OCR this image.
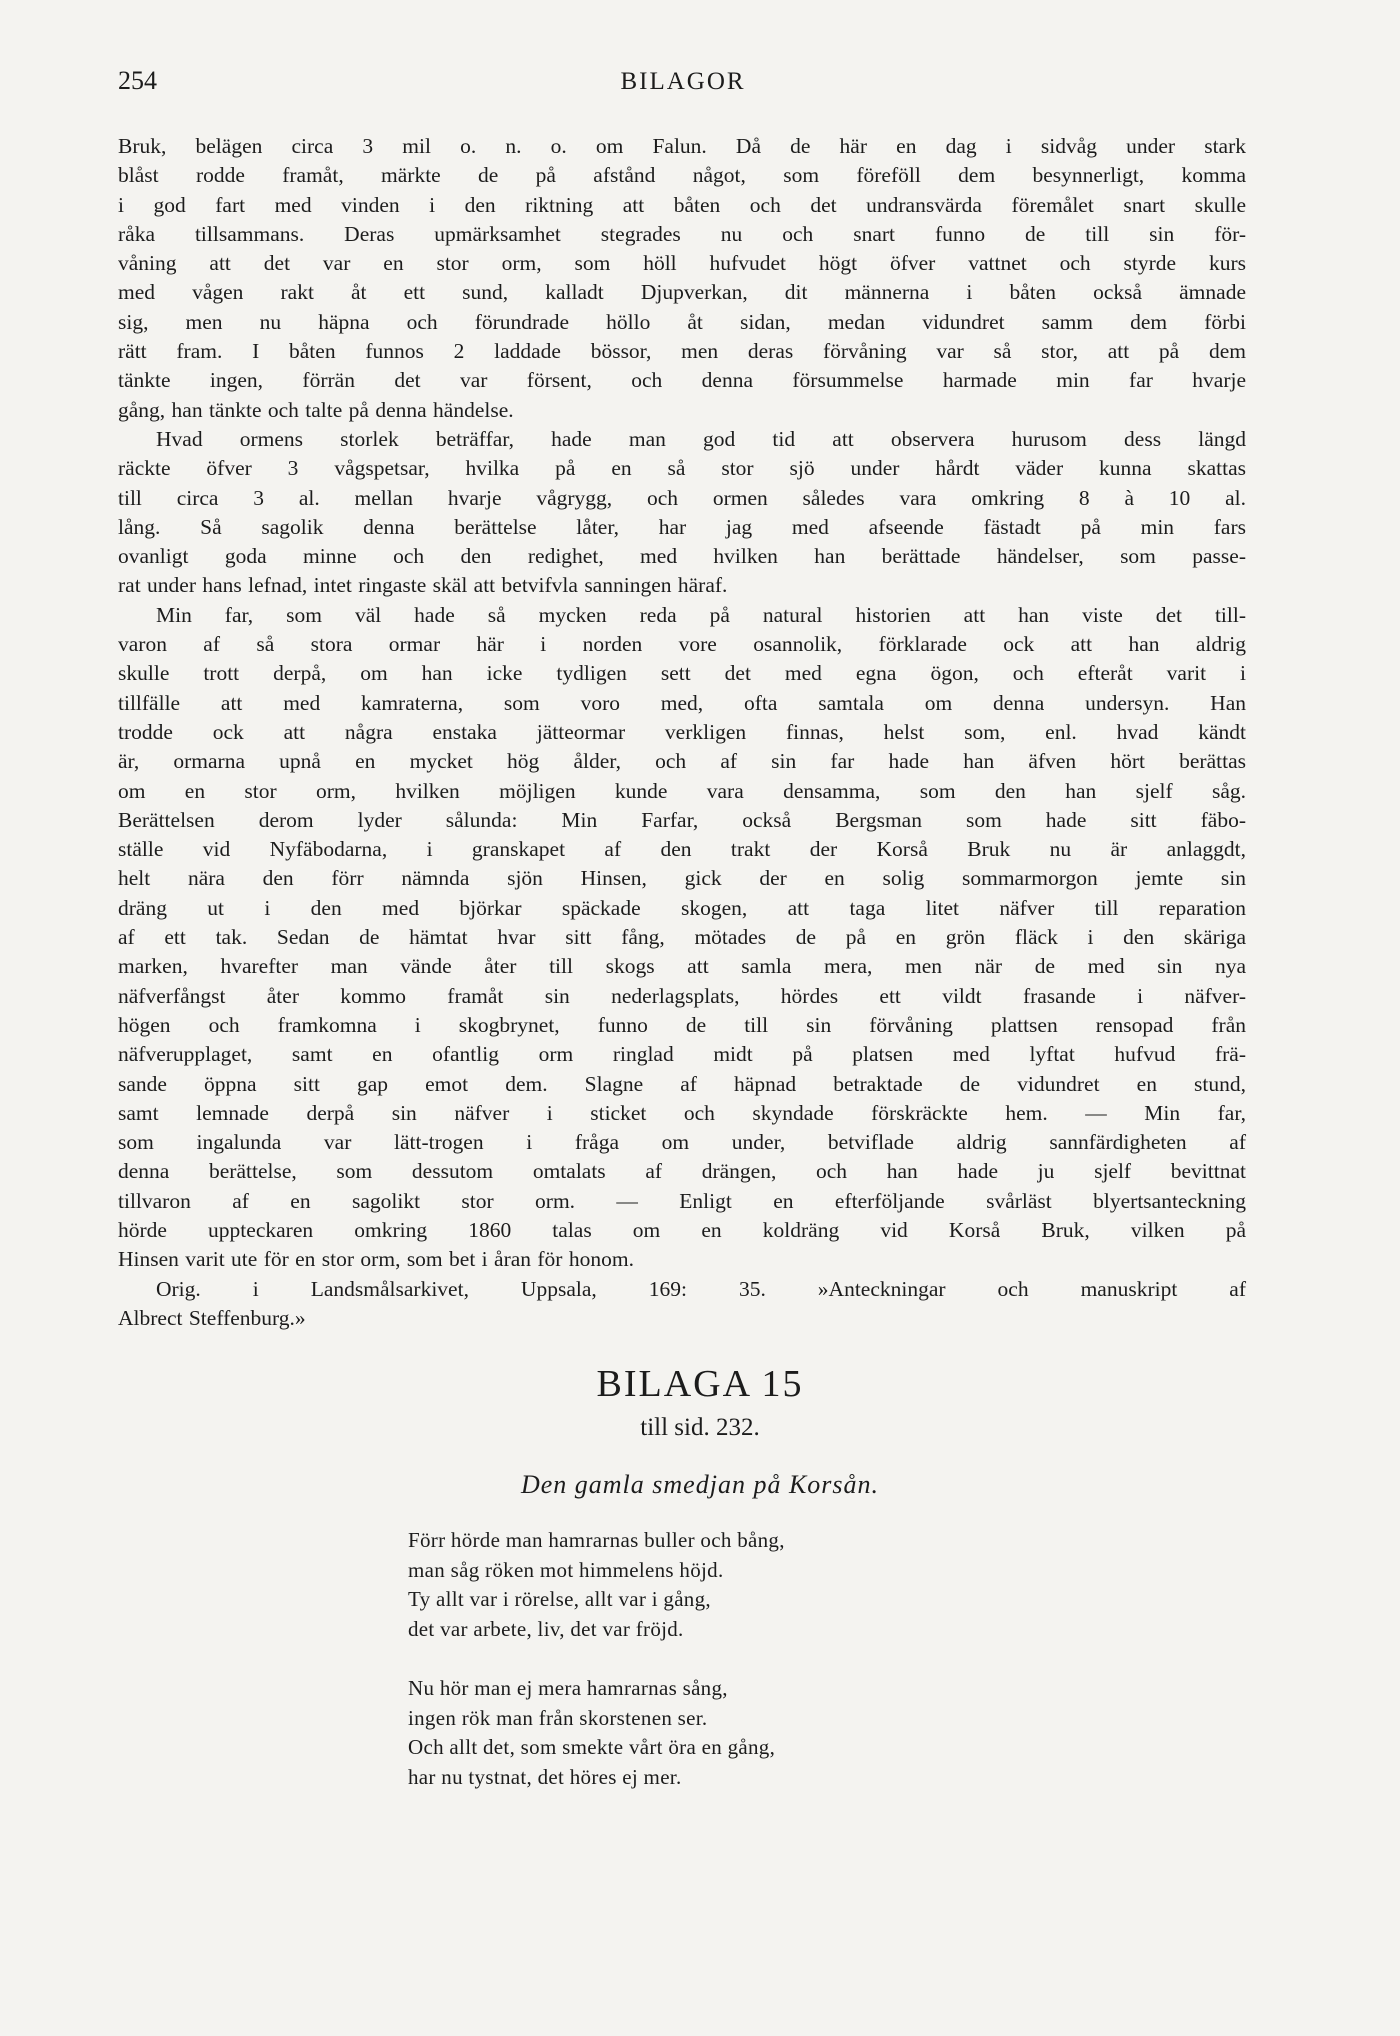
254	BILAGOR
Bruk, belägen circa 3 mil o. n. o. om Falun. Då de här en dag i sidvåg under stark
blåst rodde framåt, märkte de på afstånd något, som föreföll dem besynnerligt, komma
i god fart med vinden i den riktning att båten och det undransvärda föremålet snart skulle
råka tillsammans. Deras upmärksamhet stegrades nu och snart funno de till sin för-
våning att det var en stor orm, som höll hufvudet högt öfver vattnet och styrde kurs
med vågen rakt åt ett sund, kalladt Djupverkan, dit männerna i båten också ämnade
sig, men nu häpna och förundrade höllo åt sidan, medan vidundret samm dem förbi
rätt fram. I båten funnos 2 laddade bössor, men deras förvåning var så stor, att på dem
tänkte ingen, förrän det var försent, och denna försummelse harmade min far hvarje
gång, han tänkte och talte på denna händelse.
Hvad ormens storlek beträffar, hade man god tid att observera hurusom dess längd
räckte öfver 3 vågspetsar, hvilka på en så stor sjö under hårdt väder kunna skattas
till circa 3 al. mellan hvarje vågrygg, och ormen således vara omkring 8 à 10 al.
lång. Så sagolik denna berättelse låter, har jag med afseende fästadt på min fars
ovanligt goda minne och den redighet, med hvilken han berättade händelser, som passe-
rat under hans lefnad, intet ringaste skäl att betvifvla sanningen häraf.
Min far, som väl hade så mycken reda på natural historien att han viste det till-
varon af så stora ormar här i norden vore osannolik, förklarade ock att han aldrig
skulle trott derpå, om han icke tydligen sett det med egna ögon, och efteråt varit i
tillfälle att med kamraterna, som voro med, ofta samtala om denna undersyn. Han
trodde ock att några enstaka jätteormar verkligen finnas, helst som, enl. hvad kändt
är, ormarna upnå en mycket hög ålder, och af sin far hade han äfven hört berättas
om en stor orm, hvilken möjligen kunde vara densamma, som den han sjelf såg.
Berättelsen derom lyder sålunda: Min Farfar, också Bergsman som hade sitt fäbo-
ställe vid Nyfäbodarna, i granskapet af den trakt der Korså Bruk nu är anlaggdt,
helt nära den förr nämnda sjön Hinsen, gick der en solig sommarmorgon jemte sin
dräng ut i den med björkar späckade skogen, att taga litet näfver till reparation
af ett tak. Sedan de hämtat hvar sitt fång, mötades de på en grön fläck i den skäriga
marken, hvarefter man vände åter till skogs att samla mera, men när de med sin nya
näfverfångst åter kommo framåt sin nederlagsplats, hördes ett vildt frasande i näfver-
högen och framkomna i skogbrynet, funno de till sin förvåning plattsen rensopad från
näfverupplaget, samt en ofantlig orm ringlad midt på platsen med lyftat hufvud frä-
sande öppna sitt gap emot dem. Slagne af häpnad betraktade de vidundret en stund,
samt lemnade derpå sin näfver i sticket och skyndade förskräckte hem. — Min far,
som ingalunda var lätt-trogen i fråga om under, betviflade aldrig sannfärdigheten af
denna berättelse, som dessutom omtalats af drängen, och han hade ju sjelf bevittnat
tillvaron af en sagolikt stor orm. — Enligt en efterföljande svårläst blyertsanteckning
hörde uppteckaren omkring 1860 talas om en koldräng vid Korså Bruk, vilken på
Hinsen varit ute för en stor orm, som bet i åran för honom.
Orig. i Landsmålsarkivet, Uppsala, 169: 35. »Anteckningar och manuskript af
Albrect Steffenburg.»
BILAGA 15
till sid. 232.
Den gamla smedjan på Korsån.
Förr hörde man hamrarnas buller och bång,
man såg röken mot himmelens höjd.
Ty allt var i rörelse, allt var i gång,
det var arbete, liv, det var fröjd.
Nu hör man ej mera hamrarnas sång,
ingen rök man från skorstenen ser.
Och allt det, som smekte vårt öra en gång,
har nu tystnat, det höres ej mer.
